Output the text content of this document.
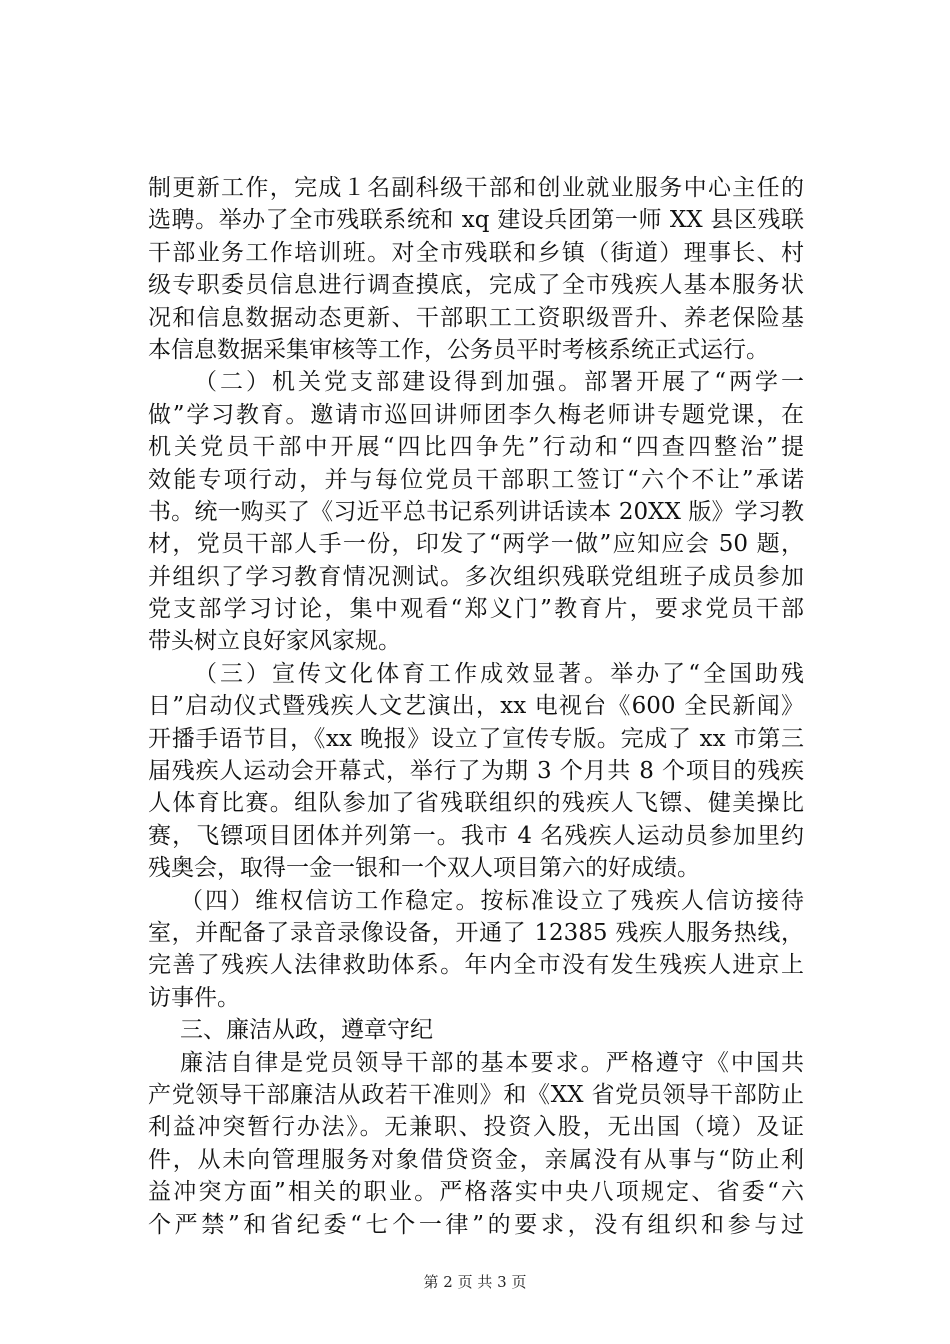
制更新工作，完成１名副科级干部和创业就业服务中心主任的
选聘。举办了全市残联系统和 xq 建设兵团第一师 XX 县区残联
干部业务工作培训班。对全市残联和乡镇（街道）理事长、村
级专职委员信息进行调查摸底，完成了全市残疾人基本服务状
况和信息数据动态更新、干部职工工资职级晋升、养老保险基
本信息数据采集审核等工作，公务员平时考核系统正式运行。
（二）机关党支部建设得到加强。部署开展了“两学一
做”学习教育。邀请市巡回讲师团李久梅老师讲专题党课，在
机关党员干部中开展“四比四争先”行动和“四查四整治”提
效能专项行动，并与每位党员干部职工签订“六个不让”承诺
书。统一购买了《习近平总书记系列讲话读本 20XX 版》学习教
材，党员干部人手一份，印发了“两学一做”应知应会 50 题，
并组织了学习教育情况测试。多次组织残联党组班子成员参加
党支部学习讨论，集中观看“郑义门”教育片，要求党员干部
带头树立良好家风家规。
（三）宣传文化体育工作成效显著。举办了“全国助残
日”启动仪式暨残疾人文艺演出，xx 电视台《600 全民新闻》
开播手语节目，《xx 晚报》设立了宣传专版。完成了 xx 市第三
届残疾人运动会开幕式，举行了为期 3 个月共 8 个项目的残疾
人体育比赛。组队参加了省残联组织的残疾人飞镖、健美操比
赛，飞镖项目团体并列第一。我市 4 名残疾人运动员参加里约
残奥会，取得一金一银和一个双人项目第六的好成绩。
（四）维权信访工作稳定。按标准设立了残疾人信访接待
室，并配备了录音录像设备，开通了 12385 残疾人服务热线，
完善了残疾人法律救助体系。年内全市没有发生残疾人进京上
访事件。
三、廉洁从政，遵章守纪
廉洁自律是党员领导干部的基本要求。严格遵守《中国共
产党领导干部廉洁从政若干准则》和《XX 省党员领导干部防止
利益冲突暂行办法》。无兼职、投资入股，无出国（境）及证
件，从未向管理服务对象借贷资金，亲属没有从事与“防止利
益冲突方面”相关的职业。严格落实中央八项规定、省委“六
个严禁”和省纪委“七个一律”的要求，没有组织和参与过
第 2 页 共 3 页
